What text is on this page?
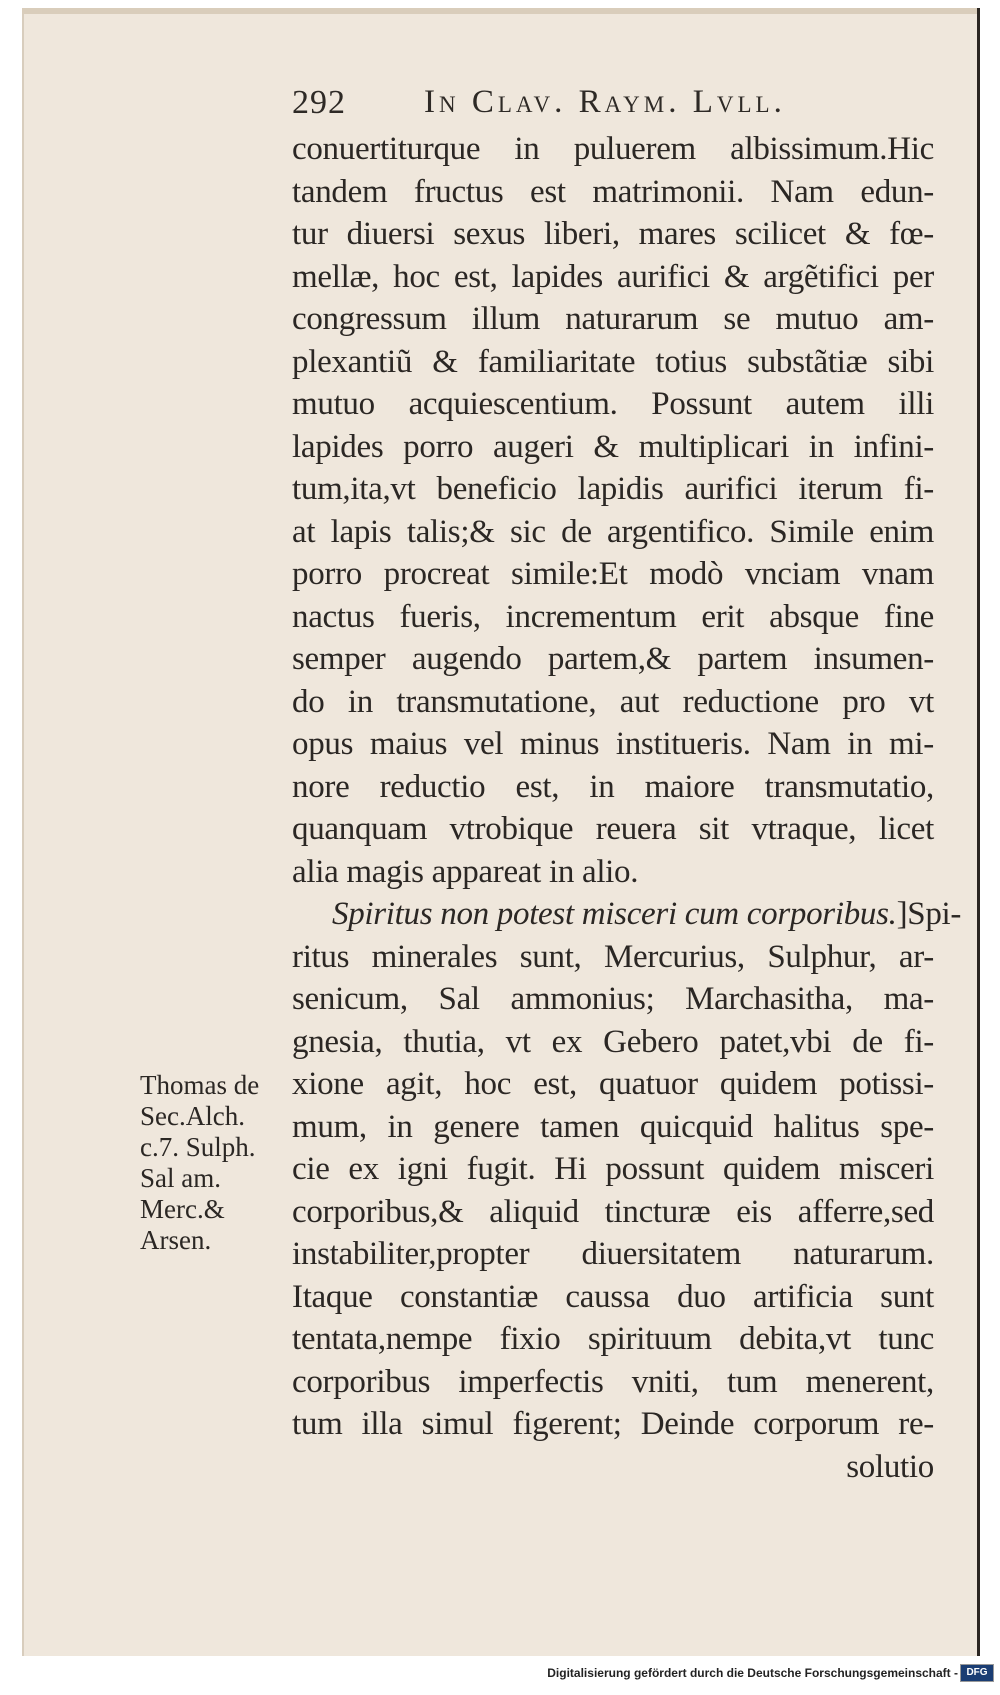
292 In Clav. Raym. Lvll.
conuertiturque in puluerem albissimum.Hic
tandem fructus est matrimonii. Nam edun-
tur diuersi sexus liberi, mares scilicet & fœ-
mellæ, hoc est, lapides aurifici & argẽtifici per
congressum illum naturarum se mutuo am-
plexantiũ & familiaritate totius substãtiæ sibi
mutuo acquiescentium. Possunt autem illi
lapides porro augeri & multiplicari in infini-
tum,ita,vt beneficio lapidis aurifici iterum fi-
at lapis talis;& sic de argentifico. Simile enim
porro procreat simile:Et modò vnciam vnam
nactus fueris, incrementum erit absque fine
semper augendo partem,& partem insumen-
do in transmutatione, aut reductione pro vt
opus maius vel minus institueris. Nam in mi-
nore reductio est, in maiore transmutatio,
quanquam vtrobique reuera sit vtraque, licet
alia magis appareat in alio.
Spiritus non potest misceri cum corporibus.]Spi-
ritus minerales sunt, Mercurius, Sulphur, ar-
senicum, Sal ammonius; Marchasitha, ma-
gnesia, thutia, vt ex Gebero patet,vbi de fi-
xione agit, hoc est, quatuor quidem potissi-
mum, in genere tamen quicquid halitus spe-
cie ex igni fugit. Hi possunt quidem misceri
corporibus,& aliquid tincturæ eis afferre,sed
instabiliter,propter diuersitatem naturarum.
Itaque constantiæ caussa duo artificia sunt
tentata,nempe fixio spirituum debita,vt tunc
corporibus imperfectis vniti, tum menerent,
tum illa simul figerent; Deinde corporum re-
solutio
Thomas de
Sec.Alch.
c.7. Sulph.
Sal am.
Merc.&
Arsen.
Digitalisierung gefördert durch die Deutsche Forschungsgemeinschaft - DFG
